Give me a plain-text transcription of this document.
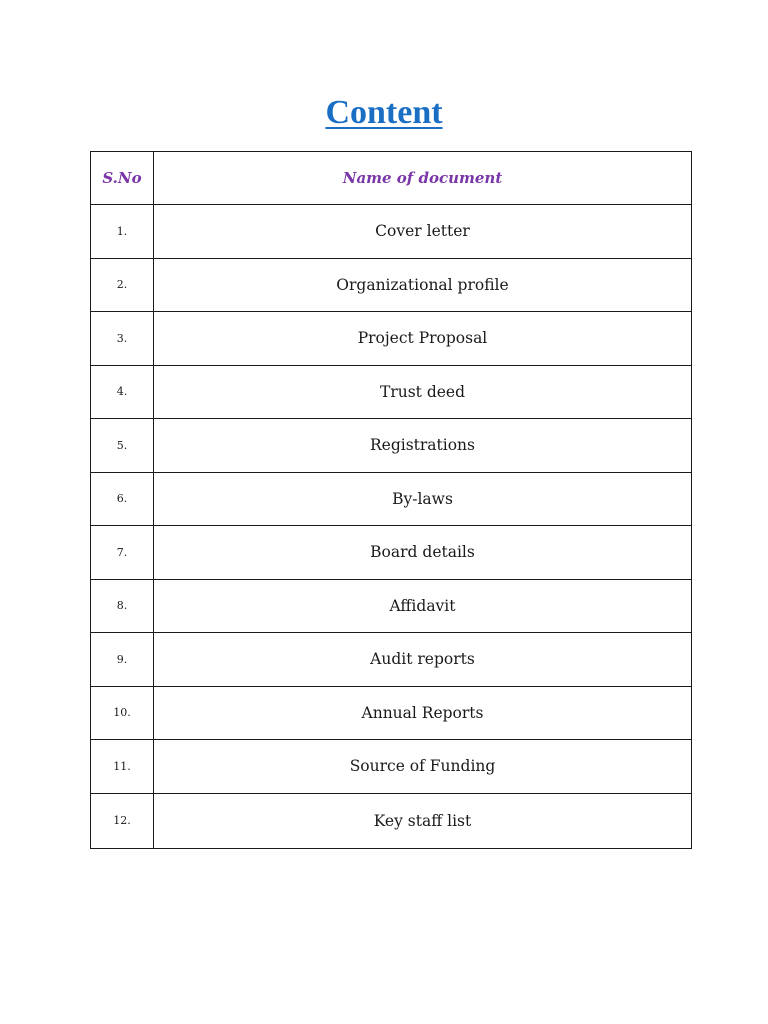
Content
S.No	Name of document
1.	Cover letter
2.	Organizational profile
3.	Project Proposal
4.	Trust deed
5.	Registrations
6.	By-laws
7.	Board details
8.	Affidavit
9.	Audit reports
10.	Annual Reports
11.	Source of Funding
12.	Key staff list
